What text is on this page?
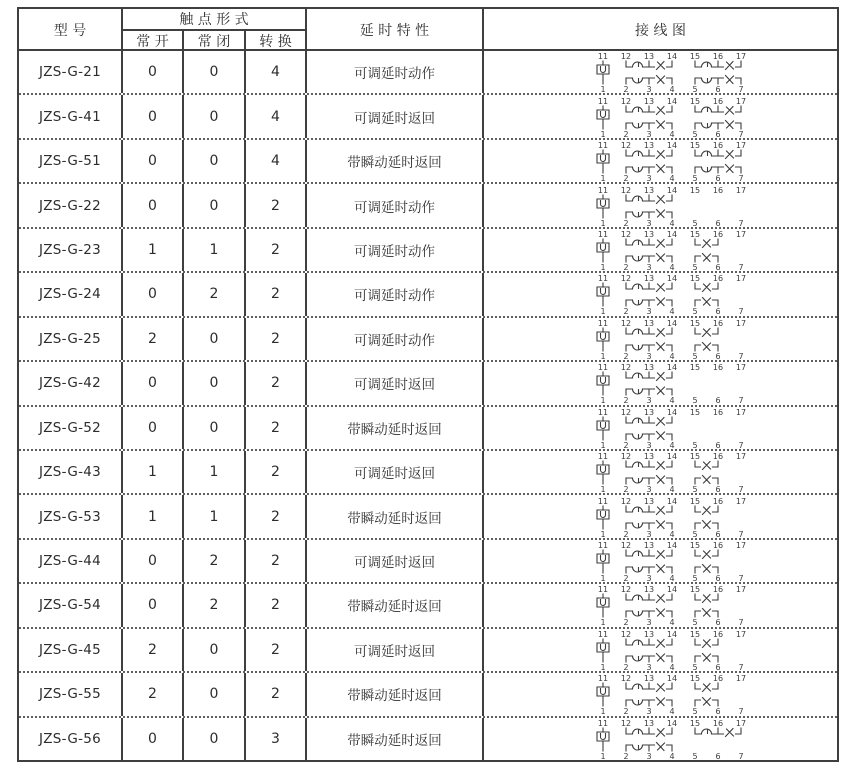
型 号
触 点 形 式
常 开	常 闭	转 换
延 时 特 性	接 线 图
JZS-G-21	0	0	4	可调延时动作
11 12 13 14 15 16 17
1 2 3 4 5 6 7
JZS-G-41	0	0	4	可调延时返回
11 12 13 14 15 16 17
1 2 3 4 5 6 7
JZS-G-51	0	0	4	带瞬动延时返回
11 12 13 14 15 16 17
1 2 3 4 5 6 7
JZS-G-22	0	0	2	可调延时动作
11 12 13 14 15 16 17
1 2 3 4 5 6 7
JZS-G-23	1	1	2	可调延时动作
11 12 13 14 15 16 17
1 2 3 4 5 6 7
JZS-G-24	0	2	2	可调延时动作
11 12 13 14 15 16 17
1 2 3 4 5 6 7
JZS-G-25	2	0	2	可调延时动作
11 12 13 14 15 16 17
1 2 3 4 5 6 7
JZS-G-42	0	0	2	可调延时返回
11 12 13 14 15 16 17
1 2 3 4 5 6 7
JZS-G-52	0	0	2	带瞬动延时返回
11 12 13 14 15 16 17
1 2 3 4 5 6 7
JZS-G-43	1	1	2	可调延时返回
11 12 13 14 15 16 17
1 2 3 4 5 6 7
JZS-G-53	1	1	2	带瞬动延时返回
11 12 13 14 15 16 17
1 2 3 4 5 6 7
JZS-G-44	0	2	2	可调延时返回
11 12 13 14 15 16 17
1 2 3 4 5 6 7
JZS-G-54	0	2	2	带瞬动延时返回
11 12 13 14 15 16 17
1 2 3 4 5 6 7
JZS-G-45	2	0	2	可调延时返回
11 12 13 14 15 16 17
1 2 3 4 5 6 7
JZS-G-55	2	0	2	带瞬动延时返回
11 12 13 14 15 16 17
1 2 3 4 5 6 7
JZS-G-56	0	0	3	带瞬动延时返回
11 12 13 14 15 16 17
1 2 3 4 5 6 7
